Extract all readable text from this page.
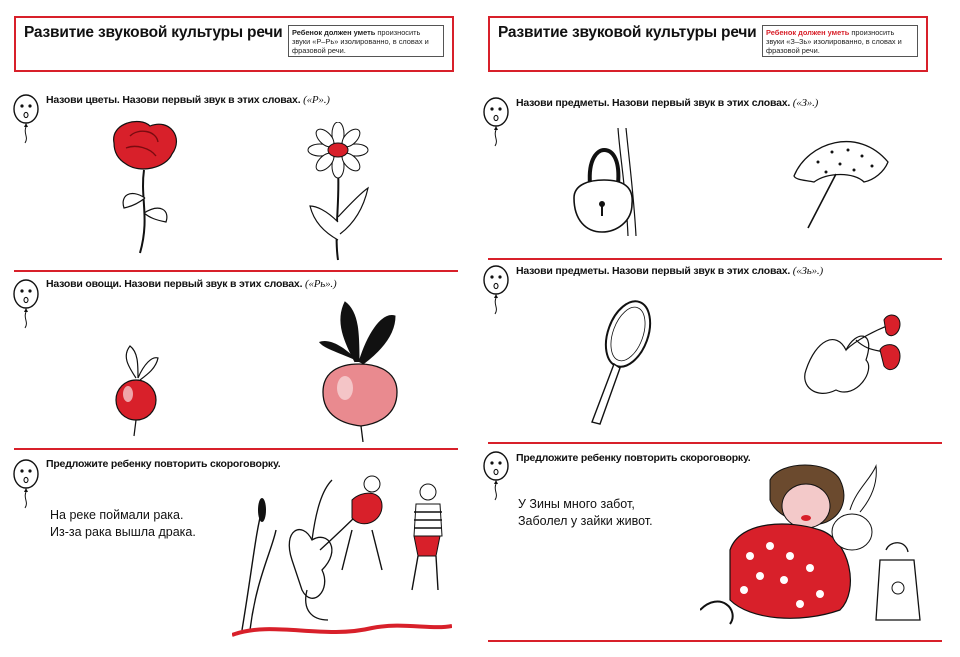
Развитие звуковой культуры речи	Ребенок должен уметь произносить звуки «Р–Рь» изолированно, в словах и фразовой речи.
Назови цветы. Назови первый звук в этих словах. («Р».)
Назови овощи. Назови первый звук в этих словах. («Рь».)
Предложите ребенку повторить скороговорку.
На реке поймали рака.
Из-за рака вышла драка.
Развитие звуковой культуры речи	Ребенок должен уметь произносить звуки «З–Зь» изолированно, в словах и фразовой речи.
Назови предметы. Назови первый звук в этих словах. («З».)
Назови предметы. Назови первый звук в этих словах. («Зь».)
Предложите ребенку повторить скороговорку.
У Зины много забот,
Заболел у зайки живот.
